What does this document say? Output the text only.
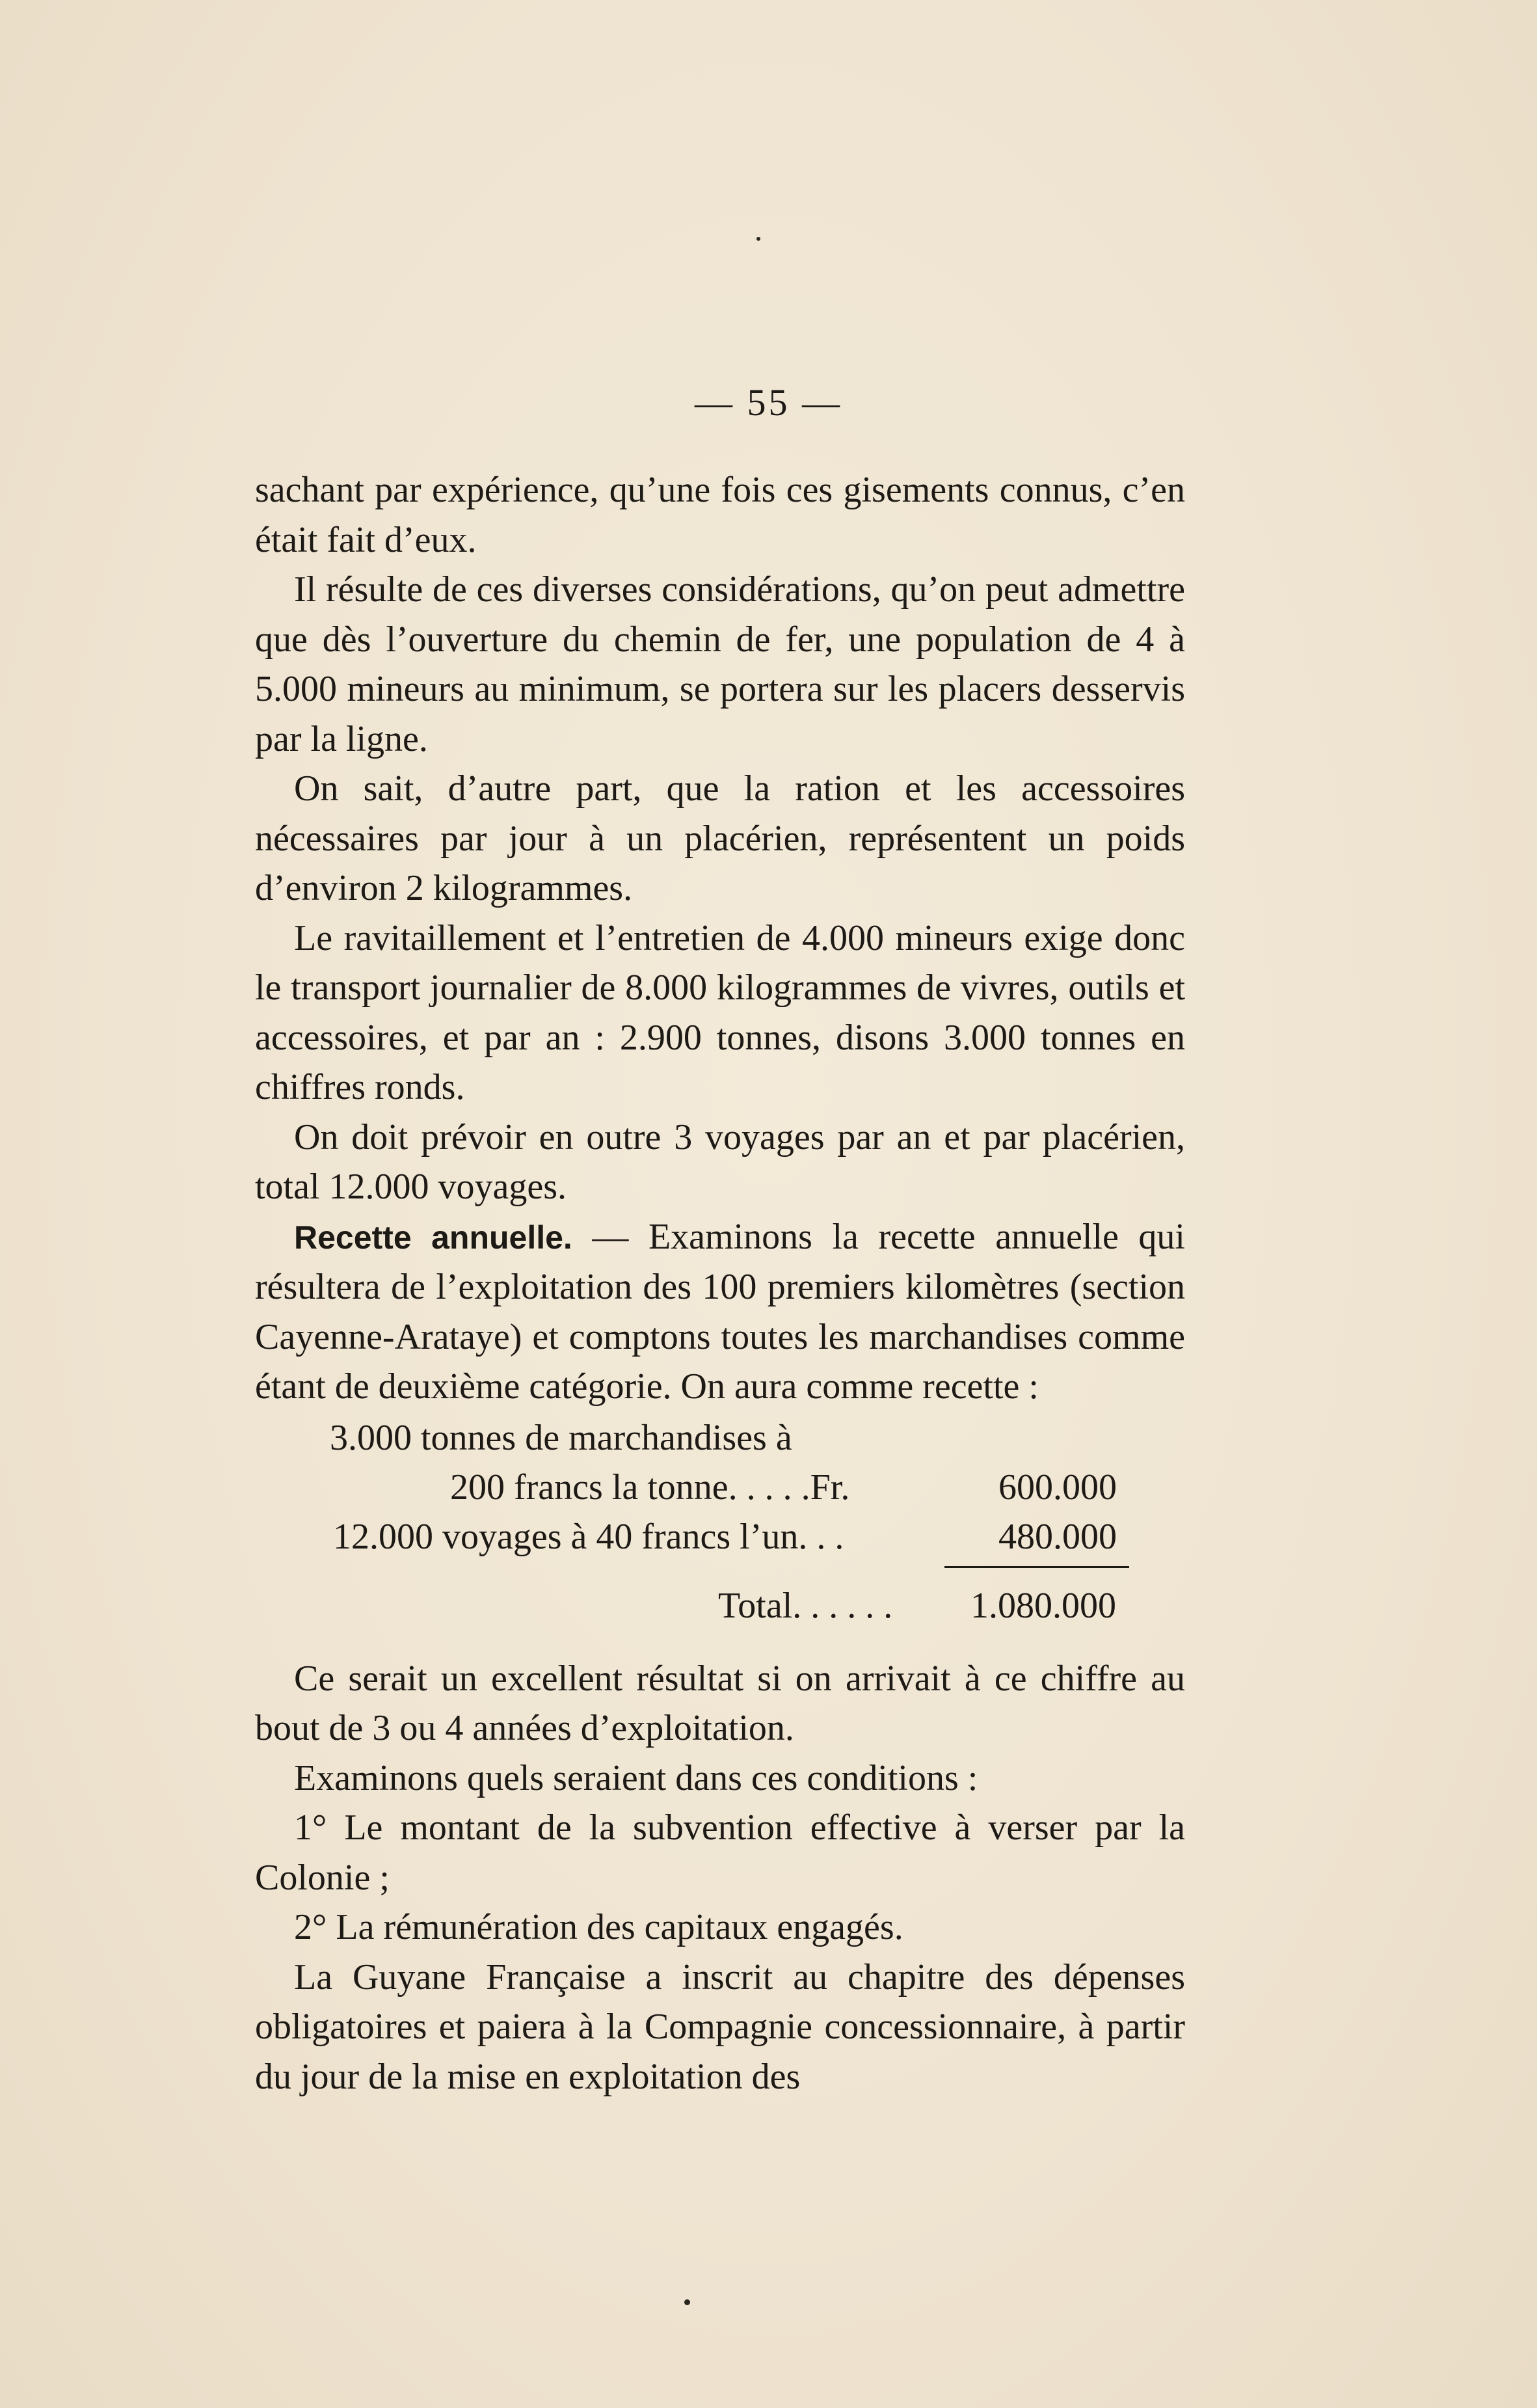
— 55 —

sachant par expérience, qu’une fois ces gisements connus, c’en était fait d’eux.

Il résulte de ces diverses considérations, qu’on peut admettre que dès l’ouverture du chemin de fer, une population de 4 à 5.000 mineurs au minimum, se portera sur les placers desservis par la ligne.

On sait, d’autre part, que la ration et les accessoires nécessaires par jour à un placérien, représentent un poids d’environ 2 kilogrammes.

Le ravitaillement et l’entretien de 4.000 mineurs exige donc le transport journalier de 8.000 kilogrammes de vivres, outils et accessoires, et par an : 2.900 tonnes, disons 3.000 tonnes en chiffres ronds.

On doit prévoir en outre 3 voyages par an et par placérien, total 12.000 voyages.

Recette annuelle. — Examinons la recette annuelle qui résultera de l’exploitation des 100 premiers kilomètres (section Cayenne-Arataye) et comptons toutes les marchandises comme étant de deuxième catégorie. On aura comme recette :

3.000 tonnes de marchandises à
200 francs la tonne. . . . .Fr.	600.000
12.000 voyages à 40 francs l’un. . .	480.000
Total. . . . . . 1.080.000

Ce serait un excellent résultat si on arrivait à ce chiffre au bout de 3 ou 4 années d’exploitation.

Examinons quels seraient dans ces conditions :

1° Le montant de la subvention effective à verser par la Colonie ;

2° La rémunération des capitaux engagés.

La Guyane Française a inscrit au chapitre des dépenses obligatoires et paiera à la Compagnie concessionnaire, à partir du jour de la mise en exploitation des
